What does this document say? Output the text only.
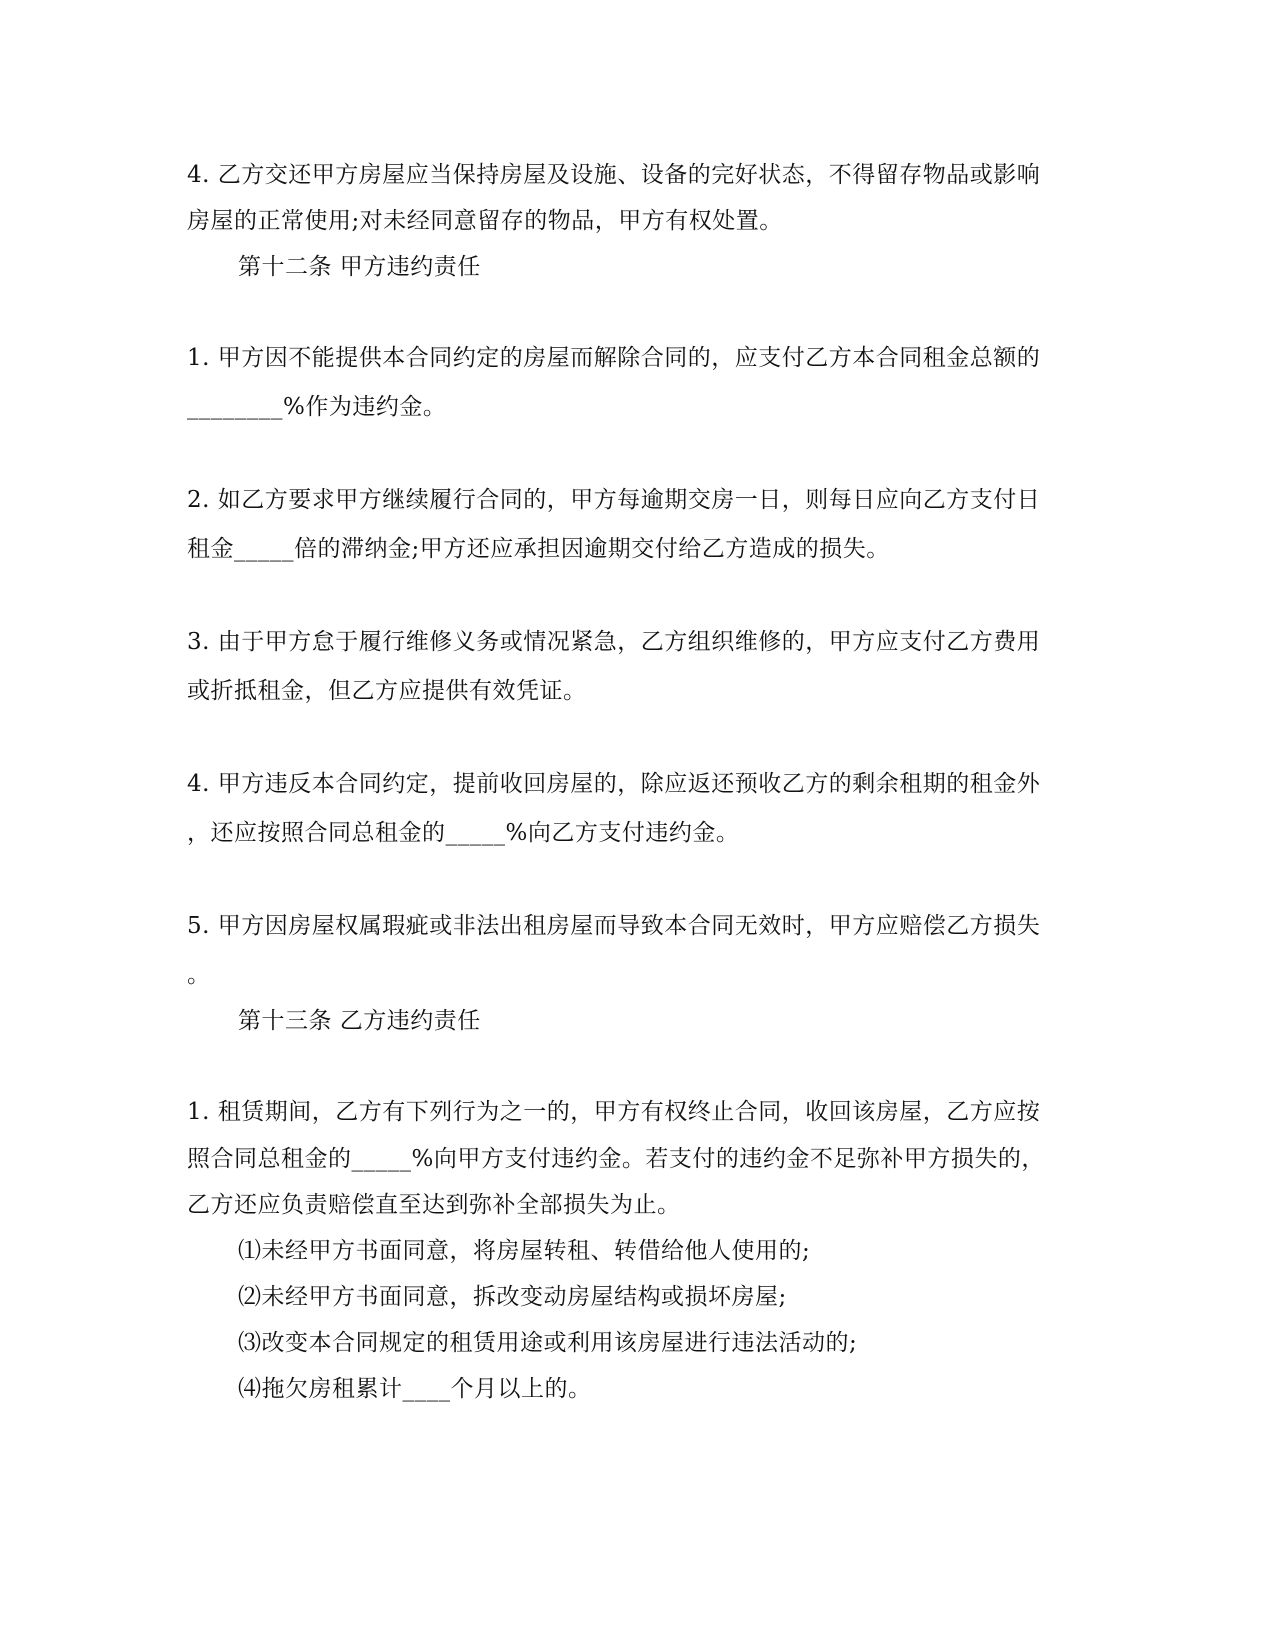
4. 乙方交还甲方房屋应当保持房屋及设施、设备的完好状态，不得留存物品或影响
房屋的正常使用;对未经同意留存的物品，甲方有权处置。
第十二条 甲方违约责任
1. 甲方因不能提供本合同约定的房屋而解除合同的，应支付乙方本合同租金总额的
________%作为违约金。
2. 如乙方要求甲方继续履行合同的，甲方每逾期交房一日，则每日应向乙方支付日
租金_____倍的滞纳金;甲方还应承担因逾期交付给乙方造成的损失。
3. 由于甲方怠于履行维修义务或情况紧急，乙方组织维修的，甲方应支付乙方费用
或折抵租金，但乙方应提供有效凭证。
4. 甲方违反本合同约定，提前收回房屋的，除应返还预收乙方的剩余租期的租金外
，还应按照合同总租金的_____%向乙方支付违约金。
5. 甲方因房屋权属瑕疵或非法出租房屋而导致本合同无效时，甲方应赔偿乙方损失
。
第十三条 乙方违约责任
1. 租赁期间，乙方有下列行为之一的，甲方有权终止合同，收回该房屋，乙方应按
照合同总租金的_____%向甲方支付违约金。若支付的违约金不足弥补甲方损失的，
乙方还应负责赔偿直至达到弥补全部损失为止。
⑴未经甲方书面同意，将房屋转租、转借给他人使用的;
⑵未经甲方书面同意，拆改变动房屋结构或损坏房屋;
⑶改变本合同规定的租赁用途或利用该房屋进行违法活动的;
⑷拖欠房租累计____个月以上的。
